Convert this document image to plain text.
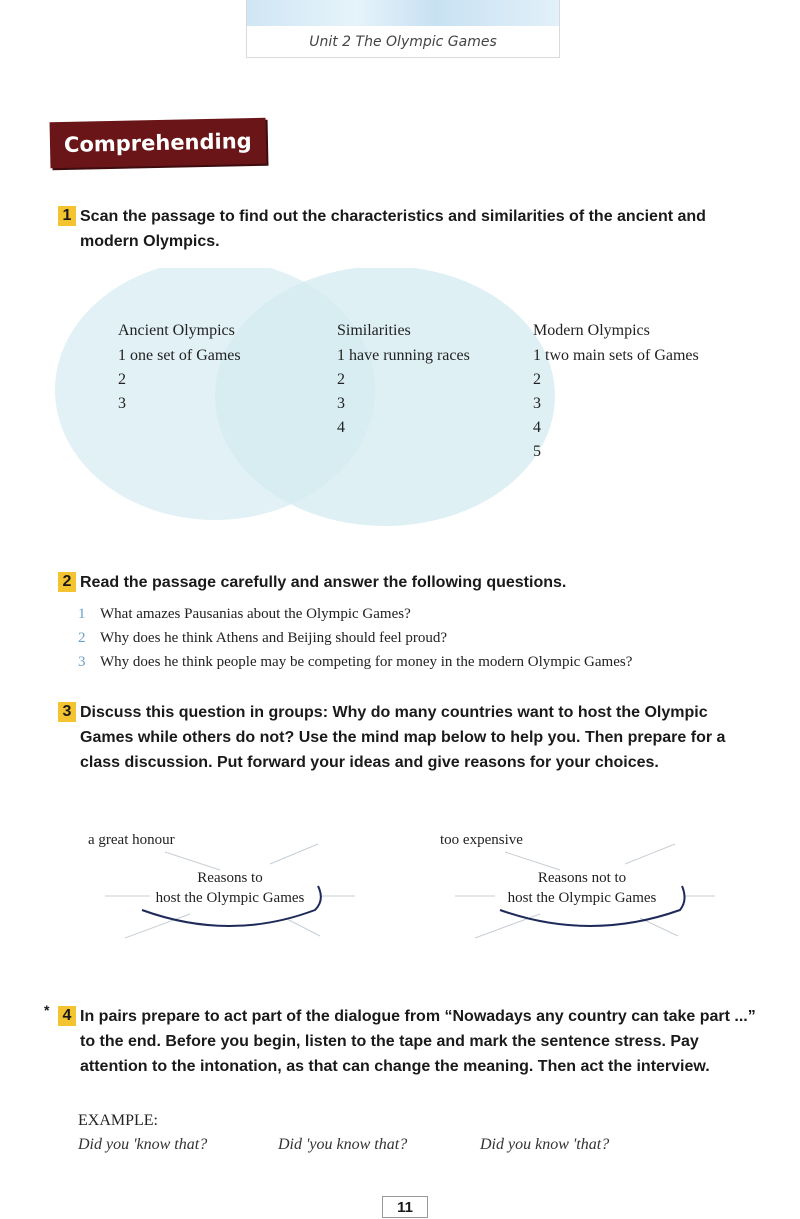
Unit 2 The Olympic Games
Comprehending
1 Scan the passage to find out the characteristics and similarities of the ancient and modern Olympics.
Ancient Olympics
1 one set of Games
2
3
Similarities
1 have running races
2
3
4
Modern Olympics
1 two main sets of Games
2
3
4
5
2 Read the passage carefully and answer the following questions.
1 What amazes Pausanias about the Olympic Games?
2 Why does he think Athens and Beijing should feel proud?
3 Why does he think people may be competing for money in the modern Olympic Games?
3 Discuss this question in groups: Why do many countries want to host the Olympic Games while others do not? Use the mind map below to help you. Then prepare for a class discussion. Put forward your ideas and give reasons for your choices.
a great honour
Reasons to
host the Olympic Games
too expensive
Reasons not to
host the Olympic Games
* 4 In pairs prepare to act part of the dialogue from “Nowadays any country can take part ...” to the end. Before you begin, listen to the tape and mark the sentence stress. Pay attention to the intonation, as that can change the meaning. Then act the interview.
EXAMPLE:
Did you 'know that?	Did 'you know that?	Did you know 'that?
11
